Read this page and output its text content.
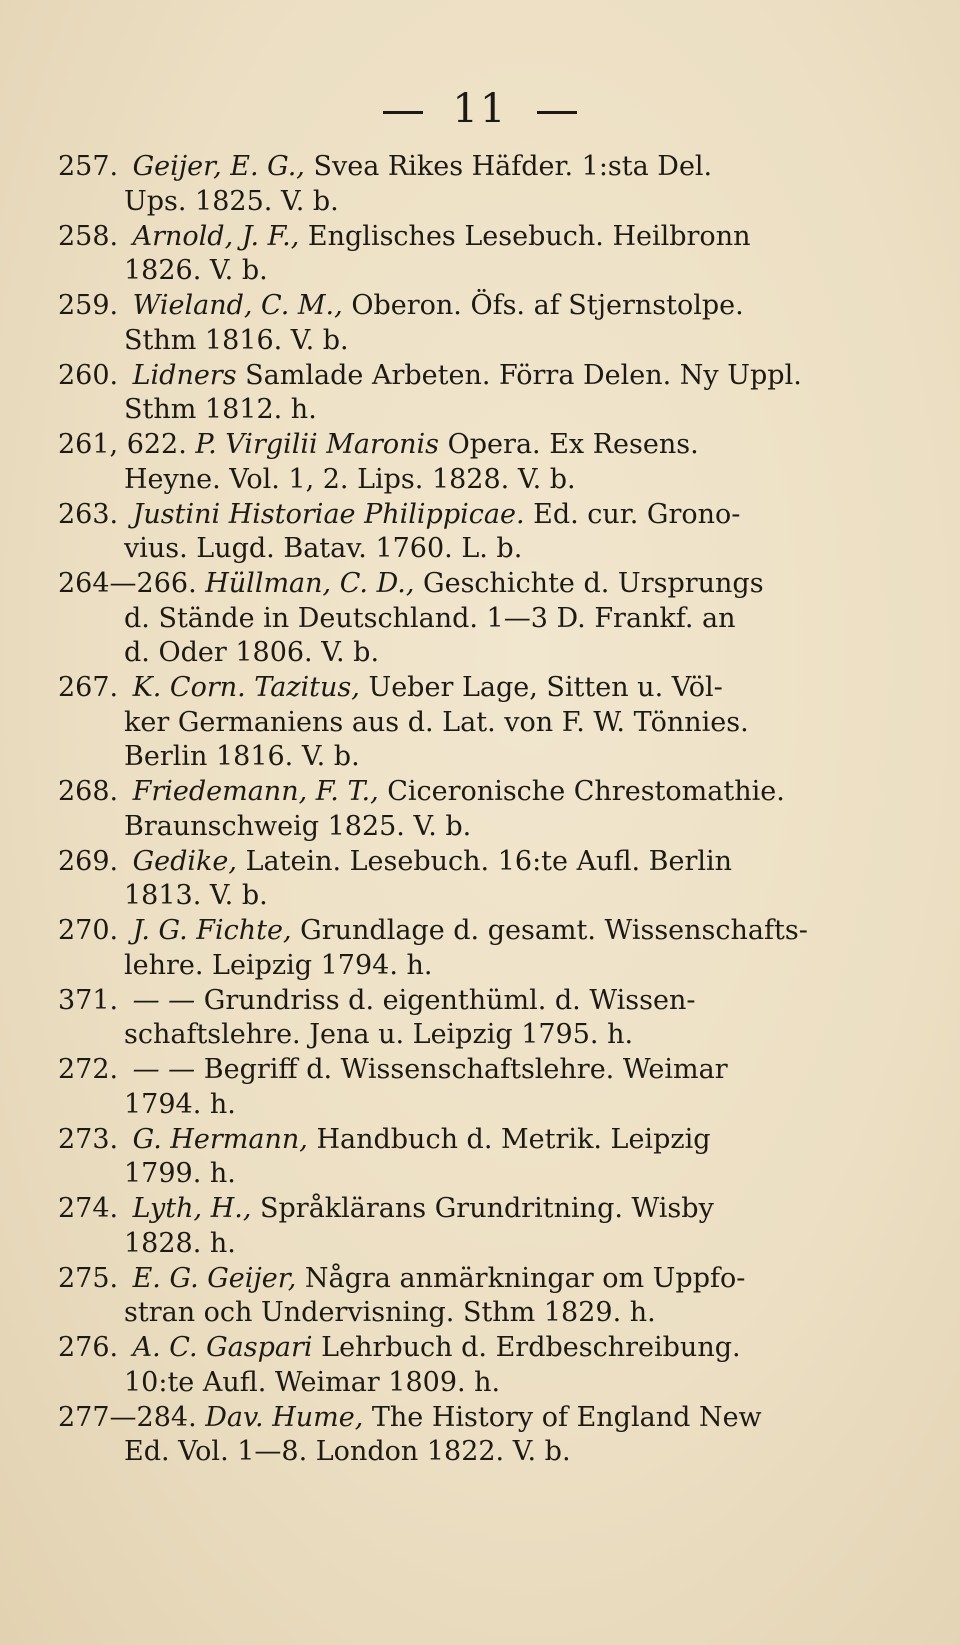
11
257. Geijer, E. G., Svea Rikes Häfder. 1:sta Del.
Ups. 1825. V. b.
258. Arnold, J. F., Englisches Lesebuch. Heilbronn
1826. V. b.
259. Wieland, C. M., Oberon. Öfs. af Stjernstolpe.
Sthm 1816. V. b.
260. Lidners Samlade Arbeten. Förra Delen. Ny Uppl.
Sthm 1812. h.
261, 622. P. Virgilii Maronis Opera. Ex Resens.
Heyne. Vol. 1, 2. Lips. 1828. V. b.
263. Justini Historiae Philippicae. Ed. cur. Grono-
vius. Lugd. Batav. 1760. L. b.
264—266. Hüllman, C. D., Geschichte d. Ursprungs
d. Stände in Deutschland. 1—3 D. Frankf. an
d. Oder 1806. V. b.
267. K. Corn. Tazitus, Ueber Lage, Sitten u. Völ-
ker Germaniens aus d. Lat. von F. W. Tönnies.
Berlin 1816. V. b.
268. Friedemann, F. T., Ciceronische Chrestomathie.
Braunschweig 1825. V. b.
269. Gedike, Latein. Lesebuch. 16:te Aufl. Berlin
1813. V. b.
270. J. G. Fichte, Grundlage d. gesamt. Wissenschafts-
lehre. Leipzig 1794. h.
371. — — Grundriss d. eigenthüml. d. Wissen-
schaftslehre. Jena u. Leipzig 1795. h.
272. — — Begriff d. Wissenschaftslehre. Weimar
1794. h.
273. G. Hermann, Handbuch d. Metrik. Leipzig
1799. h.
274. Lyth, H., Språklärans Grundritning. Wisby
1828. h.
275. E. G. Geijer, Några anmärkningar om Uppfo-
stran och Undervisning. Sthm 1829. h.
276. A. C. Gaspari Lehrbuch d. Erdbeschreibung.
10:te Aufl. Weimar 1809. h.
277—284. Dav. Hume, The History of England New
Ed. Vol. 1—8. London 1822. V. b.
